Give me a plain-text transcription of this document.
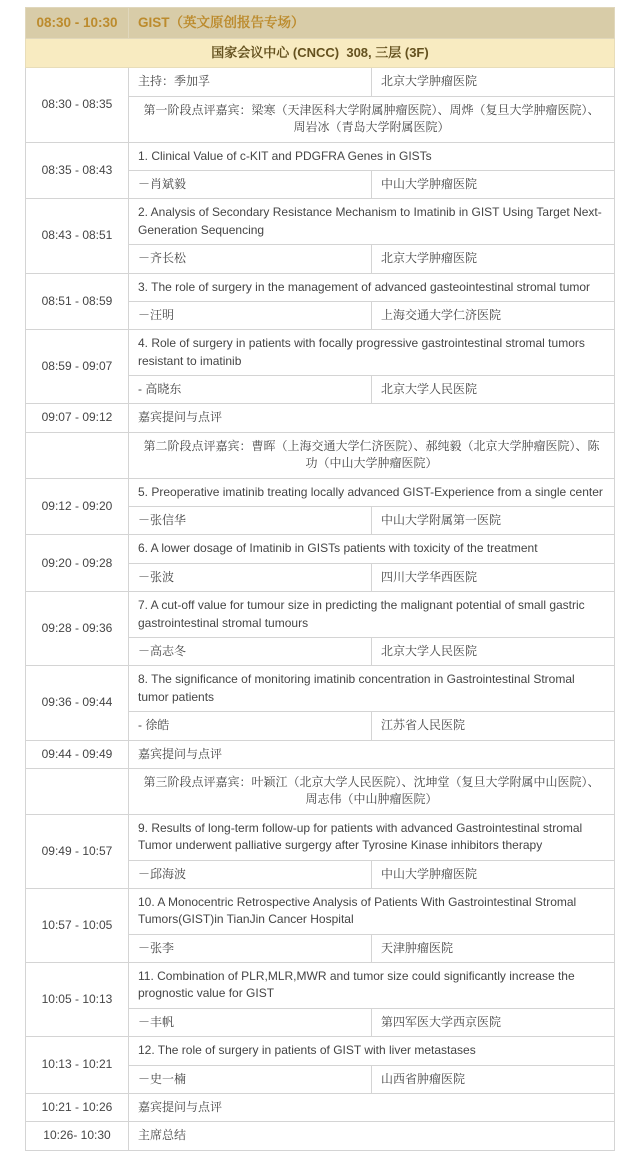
08:30 - 10:30	GIST（英文原创报告专场）	
国家会议中心 (CNCC)  308, 三层 (3F)		
08:30 - 08:35	主持：季加孚	北京大学肿瘤医院
	第一阶段点评嘉宾：梁寒（天津医科大学附属肿瘤医院）、周烨（复旦大学肿瘤医院）、周岩冰（青岛大学附属医院）	
08:35 - 08:43	1. Clinical Value of c-KIT and PDGFRA Genes in GISTs	
	－肖斌毅	中山大学肿瘤医院
08:43 - 08:51	2. Analysis of Secondary Resistance Mechanism to Imatinib in GIST Using Target Next-Generation Sequencing	
	－齐长松	北京大学肿瘤医院
08:51 - 08:59	3. The role of surgery in the management of advanced gasteointestinal stromal tumor	
	－汪明	上海交通大学仁济医院
08:59 - 09:07	4. Role of surgery in patients with focally progressive gastrointestinal stromal tumors resistant to imatinib	
	- 高晓东	北京大学人民医院
09:07 - 09:12	嘉宾提问与点评	
	第二阶段点评嘉宾：曹晖（上海交通大学仁济医院）、郝纯毅（北京大学肿瘤医院）、陈功（中山大学肿瘤医院）	
09:12 - 09:20	5. Preoperative imatinib treating locally advanced GIST-Experience from a single center	
	－张信华	中山大学附属第一医院
09:20 - 09:28	6. A lower dosage of Imatinib in GISTs patients with toxicity of the treatment	
	－张波	四川大学华西医院
09:28 - 09:36	7. A cut-off value for tumour size in predicting the malignant potential of small gastric gastrointestinal stromal tumours	
	－高志冬	北京大学人民医院
09:36 - 09:44	8. The significance of monitoring imatinib concentration in Gastrointestinal Stromal tumor patients	
	- 徐皓	江苏省人民医院
09:44 - 09:49	嘉宾提问与点评	
	第三阶段点评嘉宾：叶颖江（北京大学人民医院）、沈坤堂（复旦大学附属中山医院）、周志伟（中山肿瘤医院）	
09:49 - 10:57	9. Results of long-term follow-up for patients with advanced Gastrointestinal stromal Tumor underwent palliative surgergy after Tyrosine Kinase inhibitors therapy	
	－邱海波	中山大学肿瘤医院
10:57 - 10:05	10. A Monocentric Retrospective Analysis of Patients With Gastrointestinal Stromal Tumors(GIST)in TianJin Cancer Hospital	
	－张李	天津肿瘤医院
10:05 - 10:13	11. Combination of PLR,MLR,MWR and tumor size could significantly increase the prognostic value for GIST	
	－丰帆	第四军医大学西京医院
10:13 - 10:21	12. The role of surgery in patients of GIST with liver metastases	
	－史一楠	山西省肿瘤医院
10:21 - 10:26	嘉宾提问与点评	
10:26- 10:30	主席总结	
